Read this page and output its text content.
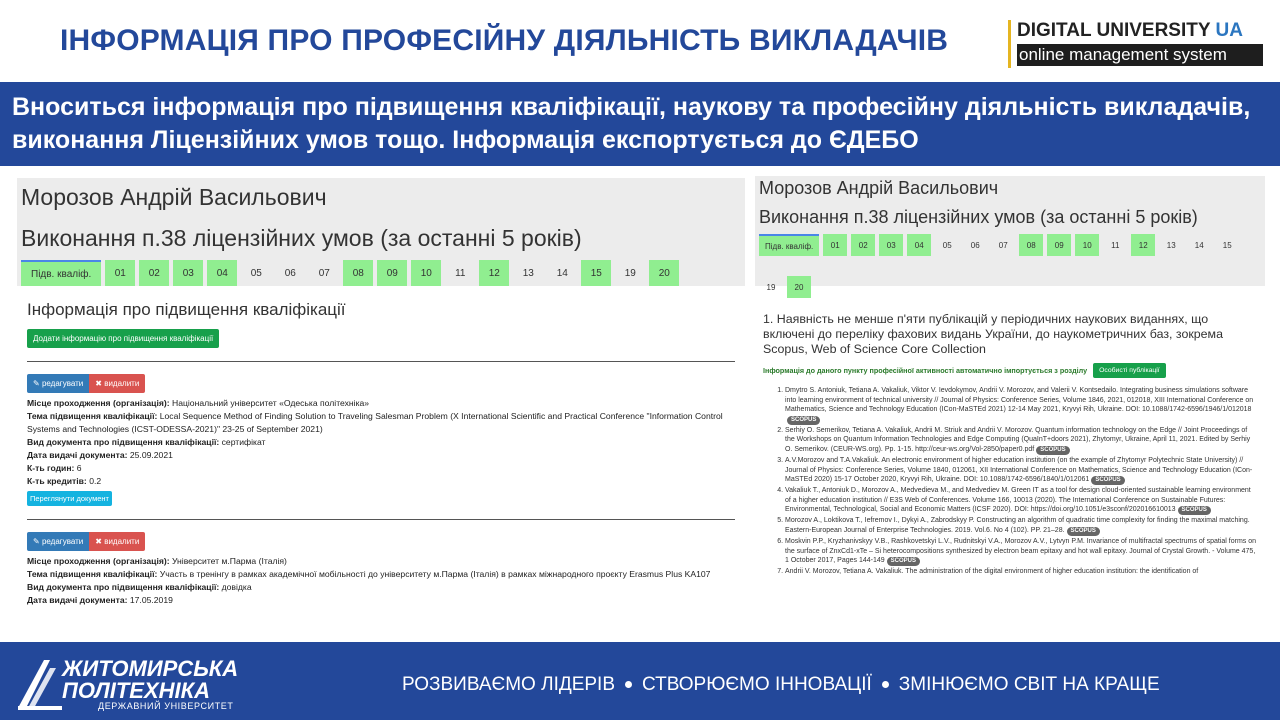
ІНФОРМАЦІЯ ПРО ПРОФЕСІЙНУ ДІЯЛЬНІСТЬ ВИКЛАДАЧІВ	DIGITAL UNIVERSITY UA
online management system
Вноситься інформація про підвищення кваліфікації, наукову та професійну діяльність викладачів, виконання Ліцензійних умов тощо. Інформація експортується до ЄДЕБО
Морозов Андрій Васильович
Виконання п.38 ліцензійних умов (за останні 5 років)
Підв. кваліф.	01	02	03	04	05	06	07	08	09	10	11	12	13	14	15	19	20
Інформація про підвищення кваліфікації
Додати інформацію про підвищення кваліфікації
✎ редагувати	✖ видалити
Місце проходження (організація): Національний університет «Одеська політехніка»
Тема підвищення кваліфікації: Local Sequence Method of Finding Solution to Traveling Salesman Problem (X International Scientific and Practical Conference "Information Control Systems and Technologies (ICST-ODESSA-2021)" 23-25 of September 2021)
Вид документа про підвищення кваліфікації: сертифікат
Дата видачі документа: 25.09.2021
К-ть годин: 6
К-ть кредитів: 0.2
Переглянути документ
✎ редагувати	✖ видалити
Місце проходження (організація): Університет м.Парма (Італія)
Тема підвищення кваліфікації: Участь в тренінгу в рамках академічної мобільності до університету м.Парма (Італія) в рамках міжнародного проєкту Erasmus Plus KA107
Вид документа про підвищення кваліфікації: довідка
Дата видачі документа: 17.05.2019
Морозов Андрій Васильович
Виконання п.38 ліцензійних умов (за останні 5 років)
Підв. кваліф.	01	02	03	04	05	06	07	08	09	10	11	12	13	14	15
19	20
1. Наявність не менше п'яти публікацій у періодичних наукових виданнях, що включені до переліку фахових видань України, до наукометричних баз, зокрема Scopus, Web of Science Core Collection
Інформація до даного пункту професійної активності автоматично імпортується з розділу	Особисті публікації
1. Dmytro S. Antoniuk, Tetiana A. Vakaliuk, Viktor V. Ievdokymov, Andrii V. Morozov, and Valerii V. Kontsedailo. Integrating business simulations software into learning environment of technical university // Journal of Physics: Conference Series, Volume 1846, 2021, 012018, XIII International Conference on Mathematics, Science and Technology Education (ICon-MaSTEd 2021) 12-14 May 2021, Kryvyi Rih, Ukraine. DOI: 10.1088/1742-6596/1946/1/012018SCOPUS
2. Serhiy O. Semerikov, Tetiana A. Vakaliuk, Andrii M. Striuk and Andrii V. Morozov. Quantum information technology on the Edge // Joint Proceedings of the Workshops on Quantum Information Technologies and Edge Computing (QuaInT+doors 2021), Zhytomyr, Ukraine, April 11, 2021. Edited by Serhiy O. Semerikov. (CEUR-WS.org). Pp. 1-15. http://ceur-ws.org/Vol-2850/paper0.pdf SCOPUS
3. A.V.Morozov and T.A.Vakaliuk. An electronic environment of higher education institution (on the example of Zhytomyr Polytechnic State University) // Journal of Physics: Conference Series, Volume 1840, 012061, XII International Conference on Mathematics, Science and Technology Education (ICon-MaSTEd 2020) 15-17 October 2020, Kryvyi Rih, Ukraine. DOI: 10.1088/1742-6596/1840/1/012061 SCOPUS
4. Vakaliuk T., Antoniuk D., Morozov A., Medvedieva M., and Medvediev M. Green IT as a tool for design cloud-oriented sustainable learning environment of a higher education institution // E3S Web of Conferences. Volume 166, 10013 (2020). The International Conference on Sustainable Futures: Environmental, Technological, Social and Economic Matters (ICSF 2020). DOI: https://doi.org/10.1051/e3sconf/202016610013 SCOPUS
5. Morozov A., Loktikova T., Iefremov I., Dykyi A., Zabrodskyy P. Constructing an algorithm of quadratic time complexity for finding the maximal matching. Eastern-European Journal of Enterprise Technologies. 2019. Vol.6. No 4 (102). PP. 21–28. SCOPUS
6. Moskvin P.P., Kryzhanivskyy V.B., Rashkovetskyi L.V., Rudnitskyi V.A., Morozov A.V., Lytvyn P.M. Invariance of multifractal spectrums of spatial forms on the surface of ZnxCd1-xTe – Si heterocompositions synthesized by electron beam epitaxy and hot wall epitaxy. Journal of Crystal Growth. - Volume 475, 1 October 2017, Pages 144-149 SCOPUS
7. Andrii V. Morozov, Tetiana A. Vakaliuk. The administration of the digital environment of higher education institution: the identification of
ЖИТОМИРСЬКА
ПОЛІТЕХНІКА
ДЕРЖАВНИЙ УНІВЕРСИТЕТ
РОЗВИВАЄМО ЛІДЕРІВ СТВОРЮЄМО ІННОВАЦІЇ ЗМІНЮЄМО СВІТ НА КРАЩЕ
